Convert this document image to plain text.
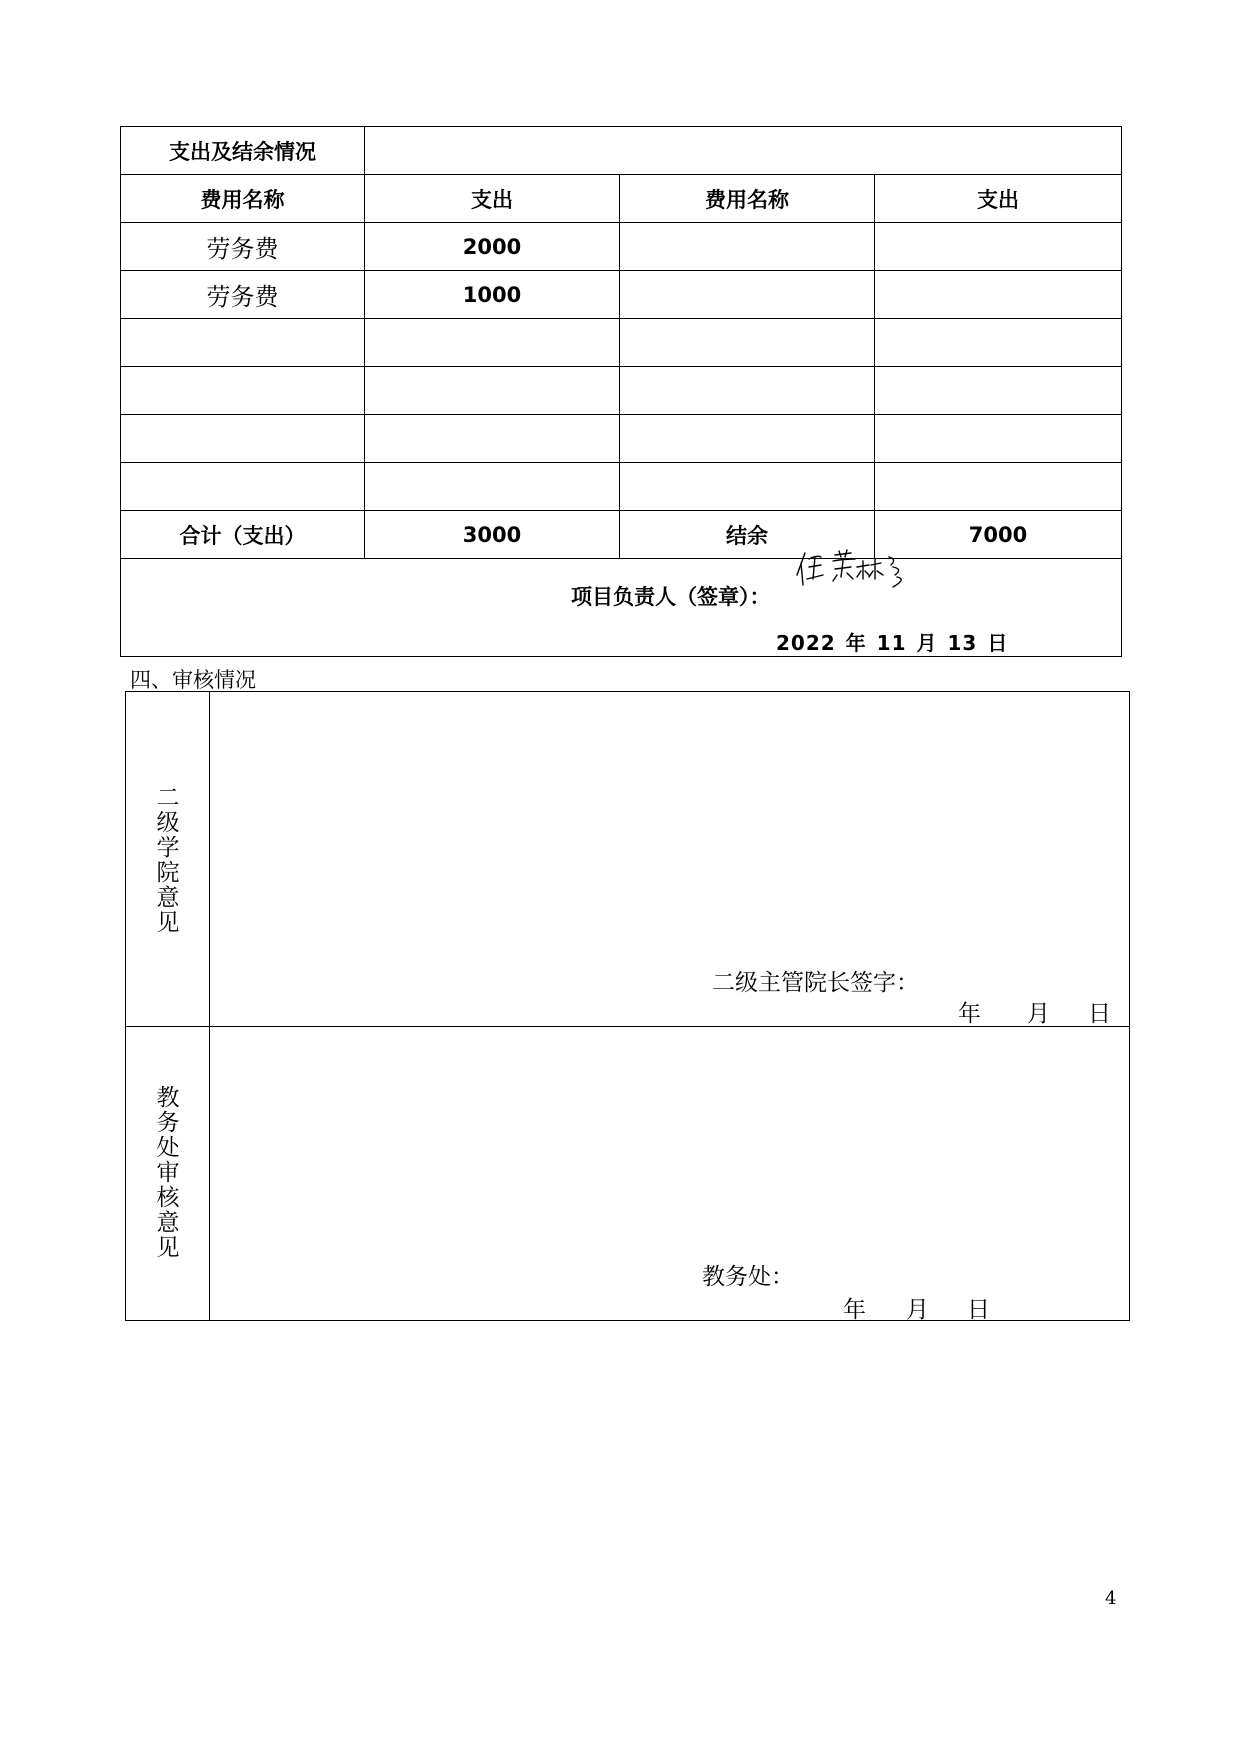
支出及结余情况			
费用名称	支出	费用名称	支出
劳务费	2000		
劳务费	1000		

合计（支出）	3000	结余	7000

项目负责人（签章）：
2022 年 11 月 13 日			
四、审核情况
二级学院意见	二级主管院长签字：
年 月 日

教务处审核意见	教务处：
年 月 日
4
